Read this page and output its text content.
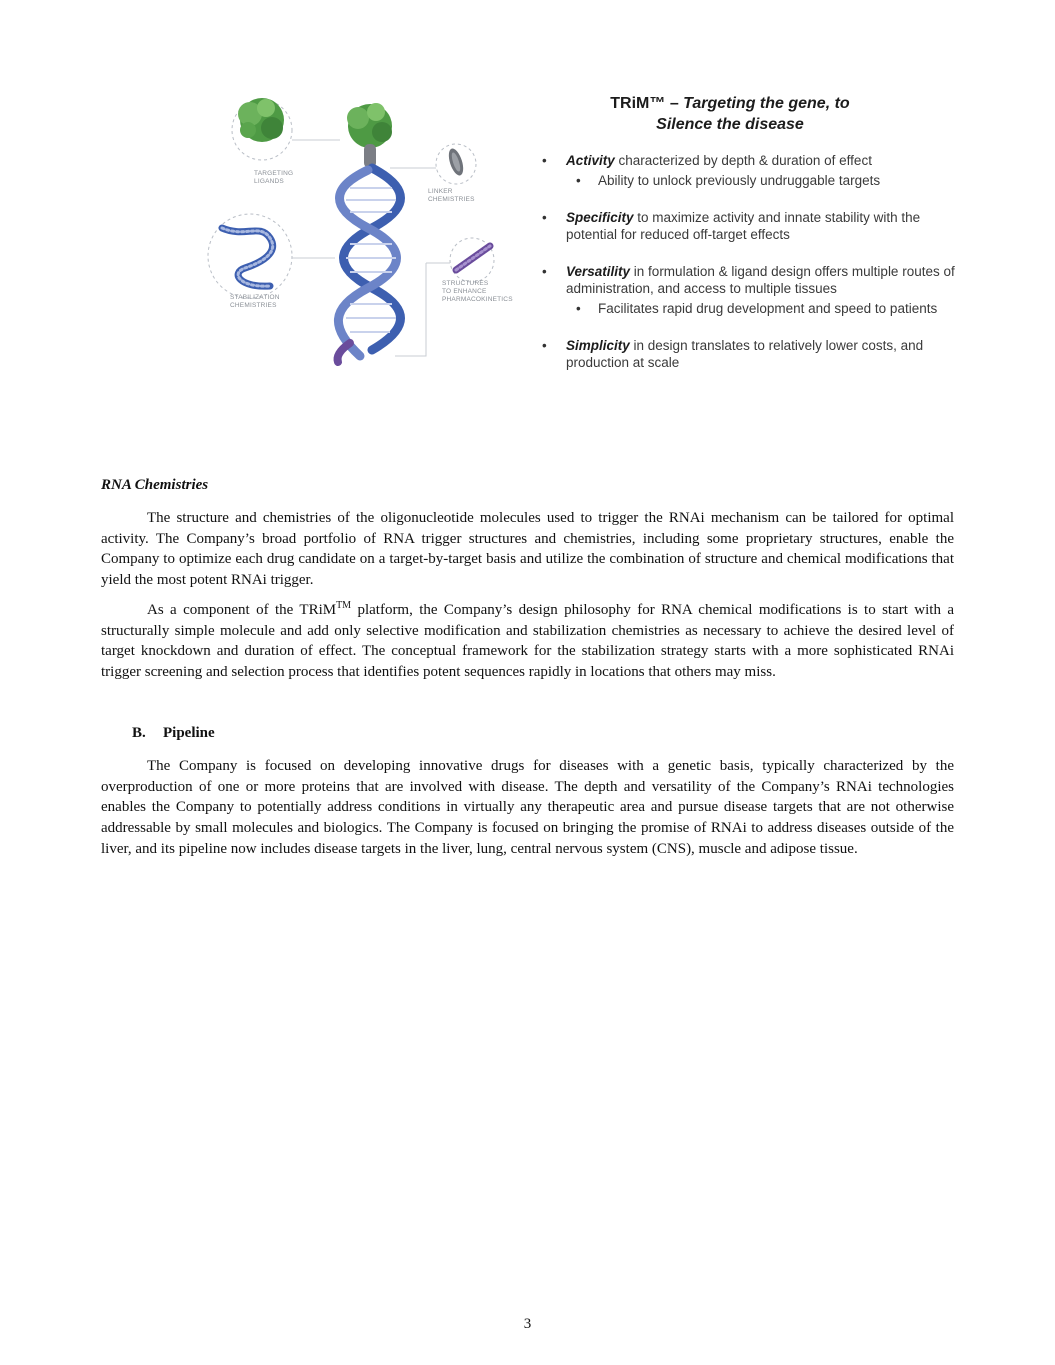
TARGETING
LIGANDS
LINKER
CHEMISTRIES
STABILIZATION
CHEMISTRIES
STRUCTURES
TO ENHANCE
PHARMACOKINETICS
TRiM™ – Targeting the gene, to
Silence the disease
• Activity characterized by depth & duration of effect
• Ability to unlock previously undruggable targets
• Specificity to maximize activity and innate stability with the potential for reduced off-target effects
• Versatility in formulation & ligand design offers multiple routes of administration, and access to multiple tissues
• Facilitates rapid drug development and speed to patients
• Simplicity in design translates to relatively lower costs, and production at scale
RNA Chemistries
The structure and chemistries of the oligonucleotide molecules used to trigger the RNAi mechanism can be tailored for optimal activity. The Company’s broad portfolio of RNA trigger structures and chemistries, including some proprietary structures, enable the Company to optimize each drug candidate on a target-by-target basis and utilize the combination of structure and chemical modifications that yield the most potent RNAi trigger.
As a component of the TRiM™ platform, the Company’s design philosophy for RNA chemical modifications is to start with a structurally simple molecule and add only selective modification and stabilization chemistries as necessary to achieve the desired level of target knockdown and duration of effect. The conceptual framework for the stabilization strategy starts with a more sophisticated RNAi trigger screening and selection process that identifies potent sequences rapidly in locations that others may miss.
B. Pipeline
The Company is focused on developing innovative drugs for diseases with a genetic basis, typically characterized by the overproduction of one or more proteins that are involved with disease. The depth and versatility of the Company’s RNAi technologies enables the Company to potentially address conditions in virtually any therapeutic area and pursue disease targets that are not otherwise addressable by small molecules and biologics. The Company is focused on bringing the promise of RNAi to address diseases outside of the liver, and its pipeline now includes disease targets in the liver, lung, central nervous system (CNS), muscle and adipose tissue.
3
